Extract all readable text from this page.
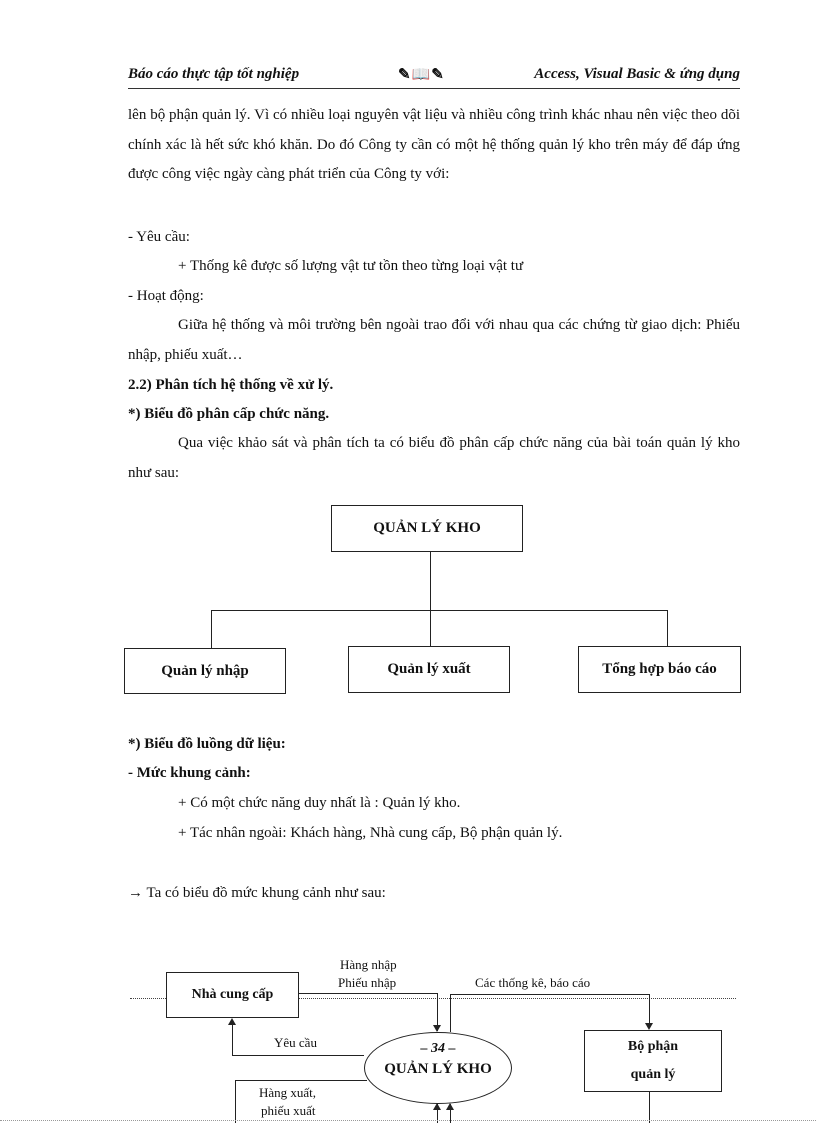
Báo cáo thực tập tốt nghiệp	✎📖✎	Access, Visual Basic & ứng dụng
lên bộ phận quản lý. Vì có nhiều loại nguyên vật liệu và nhiều công trình khác nhau nên việc theo dõi chính xác là hết sức khó khăn. Do đó Công ty cần có một hệ thống quản lý kho trên máy để đáp ứng được công việc ngày càng phát triển của Công ty với:
- Yêu cầu:
+ Thống kê được số lượng vật tư tồn theo từng loại vật tư
- Hoạt động:
Giữa hệ thống và môi trường bên ngoài trao đổi với nhau qua các chứng từ giao dịch: Phiếu nhập, phiếu xuất…
2.2) Phân tích hệ thống về xử lý.
*) Biểu đồ phân cấp chức năng.
Qua việc khảo sát và phân tích ta có biểu đồ phân cấp chức năng của bài toán quản lý kho như sau:
QUẢN LÝ KHO
Quản lý nhập	Quản lý xuất	Tổng hợp báo cáo
*) Biểu đồ luồng dữ liệu:
- Mức khung cảnh:
+ Có một chức năng duy nhất là : Quản lý kho.
+ Tác nhân ngoài: Khách hàng, Nhà cung cấp, Bộ phận quản lý.
→ Ta có biểu đồ mức khung cảnh như sau:
Nhà cung cấp
Bộ phận
quản lý
– 34 –
QUẢN LÝ KHO
Hàng nhập
Phiếu nhập	Các thống kê, báo cáo
Yêu cầu
Hàng xuất,
phiếu xuất
